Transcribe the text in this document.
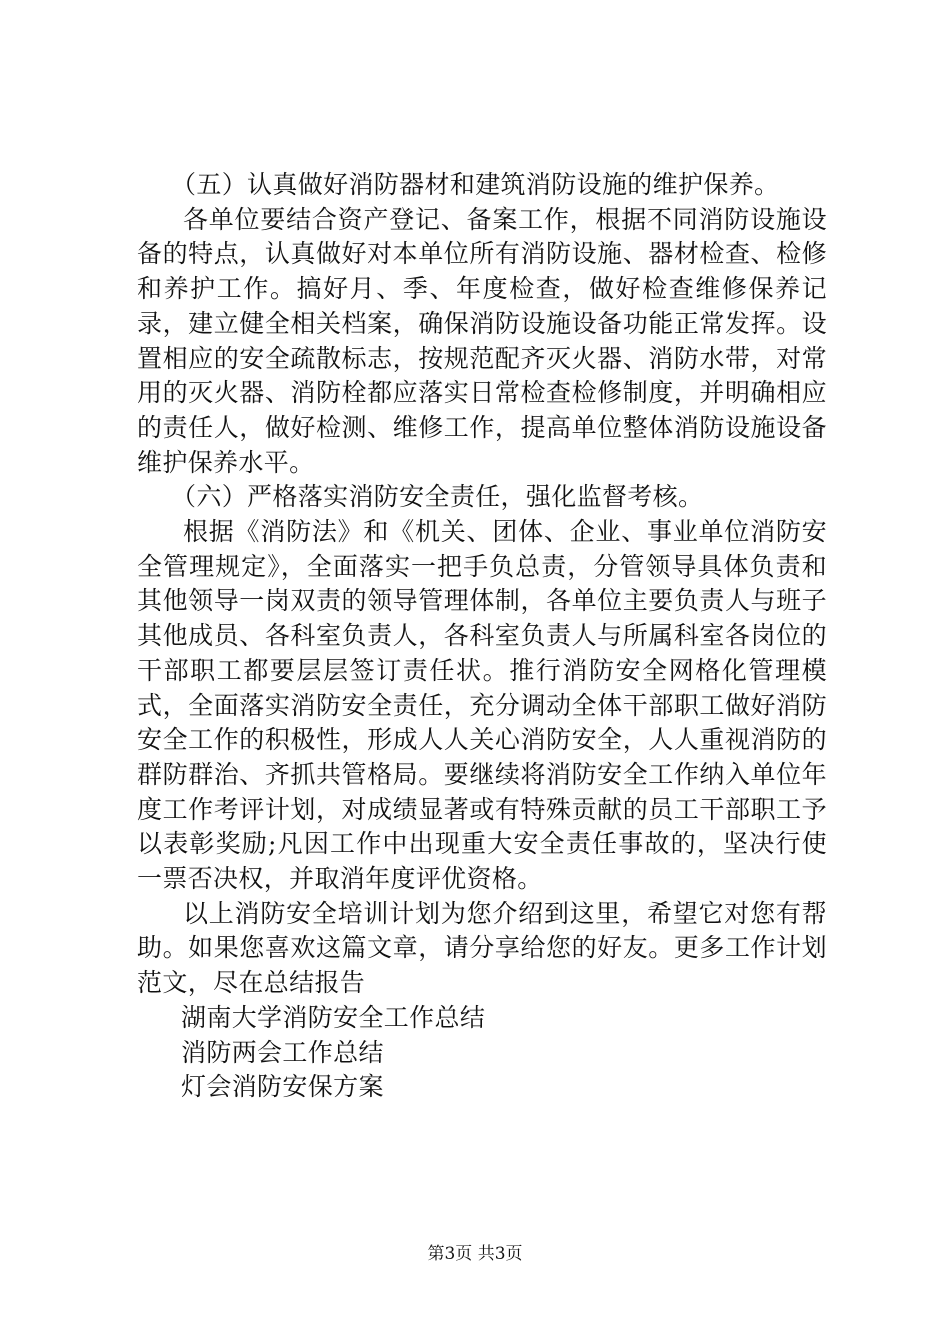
（五）认真做好消防器材和建筑消防设施的维护保养。

各单位要结合资产登记、备案工作，根据不同消防设施设备的特点，认真做好对本单位所有消防设施、器材检查、检修和养护工作。搞好月、季、年度检查，做好检查维修保养记录，建立健全相关档案，确保消防设施设备功能正常发挥。设置相应的安全疏散标志，按规范配齐灭火器、消防水带，对常用的灭火器、消防栓都应落实日常检查检修制度，并明确相应的责任人，做好检测、维修工作，提高单位整体消防设施设备维护保养水平。

（六）严格落实消防安全责任，强化监督考核。

根据《消防法》和《机关、团体、企业、事业单位消防安全管理规定》，全面落实一把手负总责，分管领导具体负责和其他领导一岗双责的领导管理体制，各单位主要负责人与班子其他成员、各科室负责人，各科室负责人与所属科室各岗位的干部职工都要层层签订责任状。推行消防安全网格化管理模式，全面落实消防安全责任，充分调动全体干部职工做好消防安全工作的积极性，形成人人关心消防安全，人人重视消防的群防群治、齐抓共管格局。要继续将消防安全工作纳入单位年度工作考评计划，对成绩显著或有特殊贡献的员工干部职工予以表彰奖励;凡因工作中出现重大安全责任事故的，坚决行使一票否决权，并取消年度评优资格。

以上消防安全培训计划为您介绍到这里，希望它对您有帮助。如果您喜欢这篇文章，请分享给您的好友。更多工作计划范文，尽在总结报告

湖南大学消防安全工作总结

消防两会工作总结

灯会消防安保方案

第3页 共3页
